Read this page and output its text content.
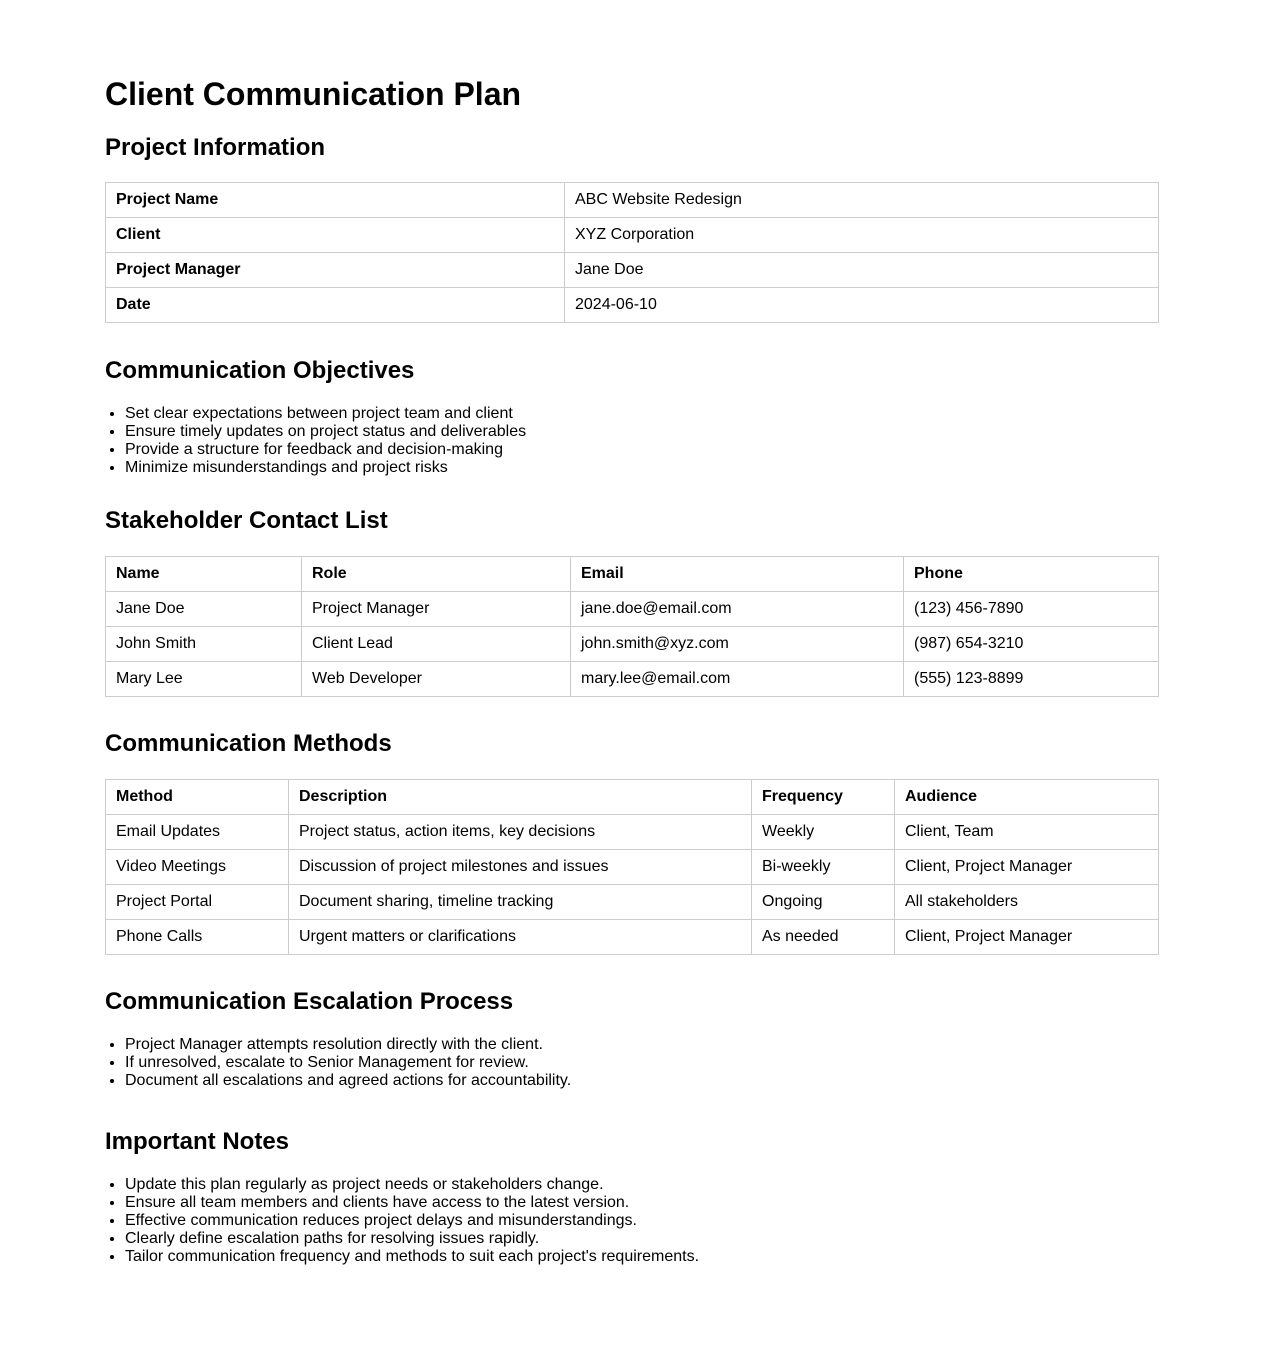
Client Communication Plan
Project Information
Project Name	ABC Website Redesign
Client	XYZ Corporation
Project Manager	Jane Doe
Date	2024-06-10
Communication Objectives
• Set clear expectations between project team and client
• Ensure timely updates on project status and deliverables
• Provide a structure for feedback and decision-making
• Minimize misunderstandings and project risks
Stakeholder Contact List
Name	Role	Email	Phone
Jane Doe	Project Manager	jane.doe@email.com	(123) 456-7890
John Smith	Client Lead	john.smith@xyz.com	(987) 654-3210
Mary Lee	Web Developer	mary.lee@email.com	(555) 123-8899
Communication Methods
Method	Description	Frequency	Audience
Email Updates	Project status, action items, key decisions	Weekly	Client, Team
Video Meetings	Discussion of project milestones and issues	Bi-weekly	Client, Project Manager
Project Portal	Document sharing, timeline tracking	Ongoing	All stakeholders
Phone Calls	Urgent matters or clarifications	As needed	Client, Project Manager
Communication Escalation Process
• Project Manager attempts resolution directly with the client.
• If unresolved, escalate to Senior Management for review.
• Document all escalations and agreed actions for accountability.
Important Notes
• Update this plan regularly as project needs or stakeholders change.
• Ensure all team members and clients have access to the latest version.
• Effective communication reduces project delays and misunderstandings.
• Clearly define escalation paths for resolving issues rapidly.
• Tailor communication frequency and methods to suit each project's requirements.
